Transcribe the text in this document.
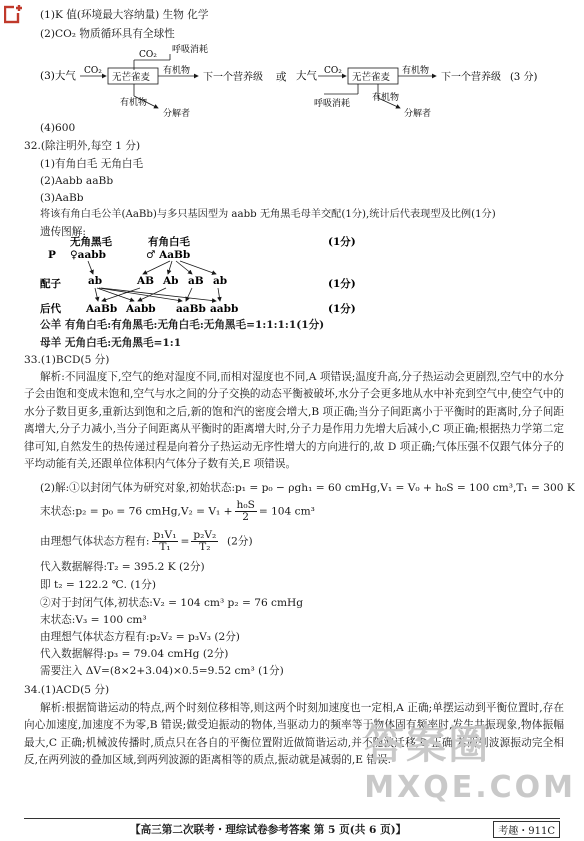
(1)K 值(环境最大容纳量) 生物 化学
(2)CO₂ 物质循环具有全球性
CO₂ 呼吸消耗
(3)大气 CO₂
无芒雀麦
有机物
下一个营养级
有机物
分解者
或 大气 CO₂
无芒雀麦
有机物
下一个营养级 (3 分)
呼吸消耗
有机物
分解者
(4)600
32.(除注明外,每空 1 分)
(1)有角白毛 无角白毛
(2)Aabb aaBb
(3)AaBb
将该有角白毛公羊(AaBb)与多只基因型为 aabb 无角黑毛母羊交配(1分),统计后代表现型及比例(1分)
遗传图解:
无角黑毛	有角白毛
P ♀aabb	♂ AaBb
配子	ab	AB Ab aB ab
后代 AaBb Aabb aaBb aabb
(1分)
(1分)
(1分)
公羊 有角白毛:有角黑毛:无角白毛:无角黑毛=1:1:1:1(1分)
母羊 无角白毛:无角黑毛=1:1
33.(1)BCD(5 分)
解析:不同温度下,空气的绝对湿度不同,而相对湿度也不同,A 项错误;温度升高,分子热运动会更剧烈,空气中的水分子会由饱和变成未饱和,空气与水之间的分子交换的动态平衡被破坏,水分子会更多地从水中补充到空气中,使空气中的水分子数目更多,重新达到饱和之后,新的饱和汽的密度会增大,B 项正确;当分子间距离小于平衡时的距离时,分子间距离增大,分子力减小,当分子间距离从平衡时的距离增大时,分子力是作用力先增大后减小,C 项正确;根据热力学第二定律可知,自然发生的热传递过程是向着分子热运动无序性增大的方向进行的,故 D 项正确;气体压强不仅跟气体分子的平均动能有关,还跟单位体积内气体分子数有关,E 项错误。
(2)解:①以封闭气体为研究对象,初始状态:p₁ = p₀ − ρgh₁ = 60 cmHg,V₁ = V₀ + h₀S = 100 cm³,T₁ = 300 K
末状态:p₂ = p₀ = 76 cmHg,V₂ = $V_1 + \frac{\text{h₀S}}{2} = 104$ cm³
由理想气体状态方程有: $\frac{\text{p₁V₁}}{\text{T₁}} = \frac{\text{p₂V₂}}{\text{T₂}} (2$分)
代入数据解得:T₂ = 395.2 K (2分)
即 t₂ = 122.2 ℃. (1分)
②对于封闭气体,初状态:V₂ = 104 cm³ p₂ = 76 cmHg
末状态:V₃ = 100 cm³
由理想气体状态方程有:p₂V₂ = p₃V₃ (2分)
代入数据解得:p₃ = 79.04 cmHg (2分)
需要注入 ΔV=(8×2+3.04)×0.5=9.52 cm³ (1分)
34.(1)ACD(5 分)
解析:根据简谐运动的特点,两个时刻位移相等,则这两个时刻加速度也一定相,A 正确;单摆运动到平衡位置时,存在向心加速度,加速度不为零,B 错误;做受迫振动的物体,当驱动力的频率等于物体固有频率时,发生共振现象,物体振幅最大,C 正确;机械波传播时,质点只在各自的平衡位置附近做简谐运动,并不随波迁移,D 正确;若两列波源振动完全相反,在两列波的叠加区域,到两列波源的距离相等的质点,振动就是减弱的,E 错误.
答案圈
MXQE.COM
【高三第二次联考・理综试卷参考答案 第 5 页(共 6 页)】	考趣・911C
